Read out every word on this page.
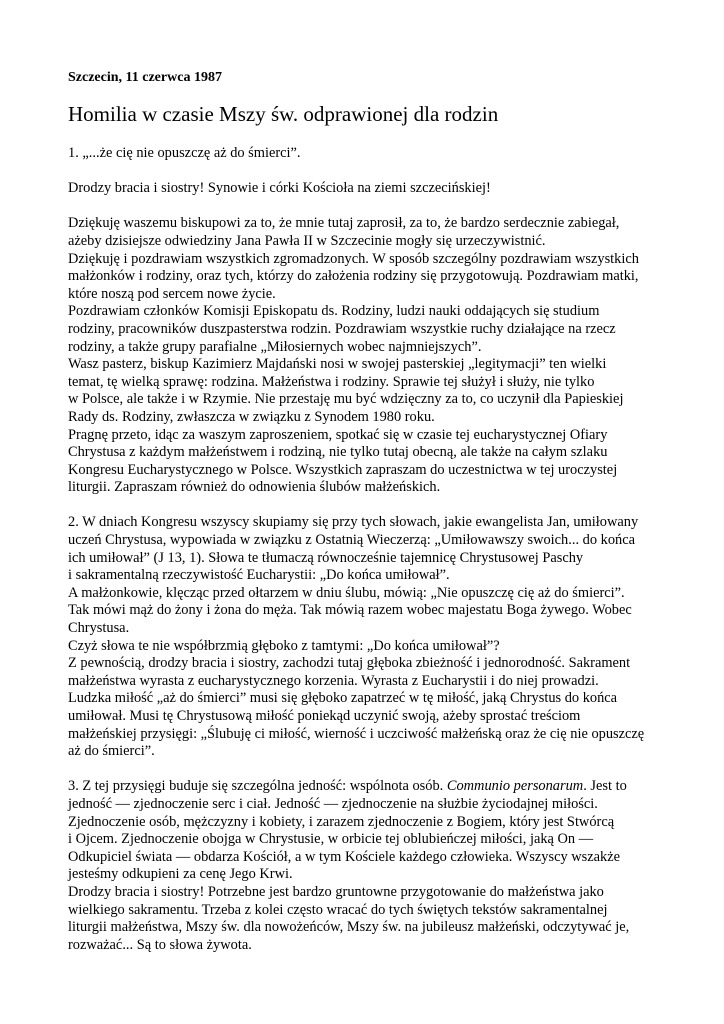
Szczecin, 11 czerwca 1987
Homilia w czasie Mszy św. odprawionej dla rodzin
1. „...że cię nie opuszczę aż do śmierci”.
Drodzy bracia i siostry! Synowie i córki Kościoła na ziemi szczecińskiej!
Dziękuję waszemu biskupowi za to, że mnie tutaj zaprosił, za to, że bardzo serdecznie zabiegał,
ażeby dzisiejsze odwiedziny Jana Pawła II w Szczecinie mogły się urzeczywistnić.
Dziękuję i pozdrawiam wszystkich zgromadzonych. W sposób szczególny pozdrawiam wszystkich
małżonków i rodziny, oraz tych, którzy do założenia rodziny się przygotowują. Pozdrawiam matki,
które noszą pod sercem nowe życie.
Pozdrawiam członków Komisji Episkopatu ds. Rodziny, ludzi nauki oddających się studium
rodziny, pracowników duszpasterstwa rodzin. Pozdrawiam wszystkie ruchy działające na rzecz
rodziny, a także grupy parafialne „Miłosiernych wobec najmniejszych”.
Wasz pasterz, biskup Kazimierz Majdański nosi w swojej pasterskiej „legitymacji” ten wielki
temat, tę wielką sprawę: rodzina. Małżeństwa i rodziny. Sprawie tej służył i służy, nie tylko
w Polsce, ale także i w Rzymie. Nie przestaję mu być wdzięczny za to, co uczynił dla Papieskiej
Rady ds. Rodziny, zwłaszcza w związku z Synodem 1980 roku.
Pragnę przeto, idąc za waszym zaproszeniem, spotkać się w czasie tej eucharystycznej Ofiary
Chrystusa z każdym małżeństwem i rodziną, nie tylko tutaj obecną, ale także na całym szlaku
Kongresu Eucharystycznego w Polsce. Wszystkich zapraszam do uczestnictwa w tej uroczystej
liturgii. Zapraszam również do odnowienia ślubów małżeńskich.
2. W dniach Kongresu wszyscy skupiamy się przy tych słowach, jakie ewangelista Jan, umiłowany
uczeń Chrystusa, wypowiada w związku z Ostatnią Wieczerzą: „Umiłowawszy swoich... do końca
ich umiłował” (J 13, 1). Słowa te tłumaczą równocześnie tajemnicę Chrystusowej Paschy
i sakramentalną rzeczywistość Eucharystii: „Do końca umiłował”.
A małżonkowie, klęcząc przed ołtarzem w dniu ślubu, mówią: „Nie opuszczę cię aż do śmierci”.
Tak mówi mąż do żony i żona do męża. Tak mówią razem wobec majestatu Boga żywego. Wobec
Chrystusa.
Czyż słowa te nie współbrzmią głęboko z tamtymi: „Do końca umiłował”?
Z pewnością, drodzy bracia i siostry, zachodzi tutaj głęboka zbieżność i jednorodność. Sakrament
małżeństwa wyrasta z eucharystycznego korzenia. Wyrasta z Eucharystii i do niej prowadzi.
Ludzka miłość „aż do śmierci” musi się głęboko zapatrzeć w tę miłość, jaką Chrystus do końca
umiłował. Musi tę Chrystusową miłość poniekąd uczynić swoją, ażeby sprostać treściom
małżeńskiej przysięgi: „Ślubuję ci miłość, wierność i uczciwość małżeńską oraz że cię nie opuszczę
aż do śmierci”.
3. Z tej przysięgi buduje się szczególna jedność: wspólnota osób. Communio personarum. Jest to
jedność — zjednoczenie serc i ciał. Jedność — zjednoczenie na służbie życiodajnej miłości.
Zjednoczenie osób, mężczyzny i kobiety, i zarazem zjednoczenie z Bogiem, który jest Stwórcą
i Ojcem. Zjednoczenie obojga w Chrystusie, w orbicie tej oblubieńczej miłości, jaką On —
Odkupiciel świata — obdarza Kościół, a w tym Kościele każdego człowieka. Wszyscy wszakże
jesteśmy odkupieni za cenę Jego Krwi.
Drodzy bracia i siostry! Potrzebne jest bardzo gruntowne przygotowanie do małżeństwa jako
wielkiego sakramentu. Trzeba z kolei często wracać do tych świętych tekstów sakramentalnej
liturgii małżeństwa, Mszy św. dla nowożeńców, Mszy św. na jubileusz małżeński, odczytywać je,
rozważać... Są to słowa żywota.
